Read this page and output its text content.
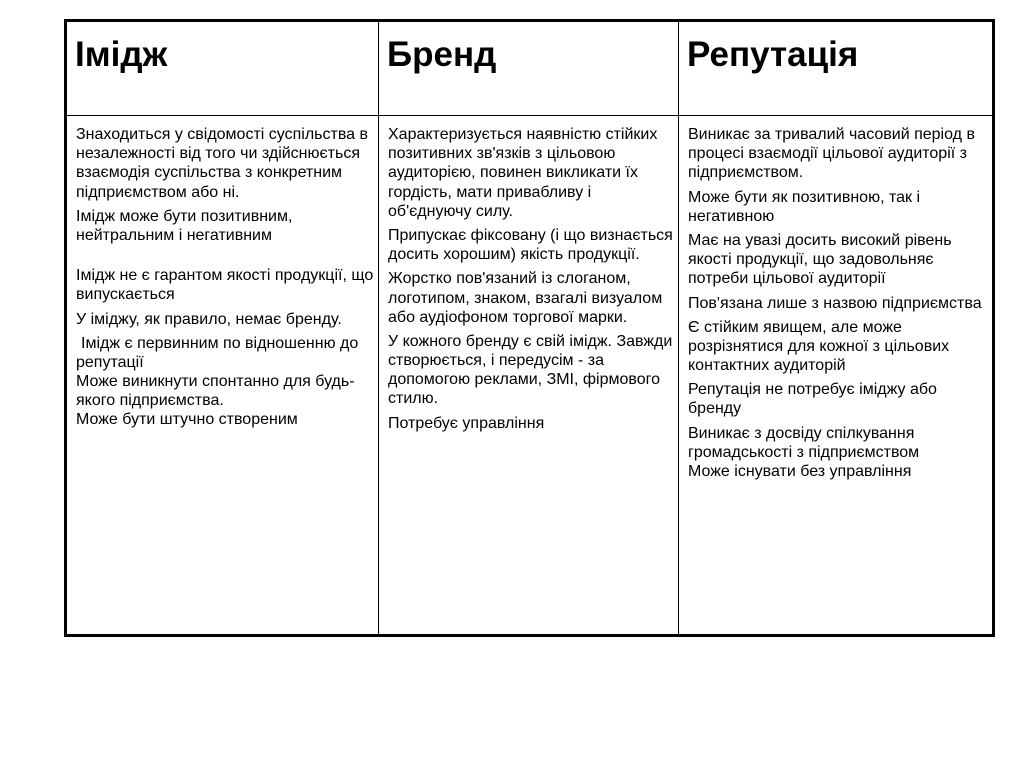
Імідж	Бренд	Репутація

Знаходиться у свідомості суспільства в незалежності від того чи здійснюється взаємодія суспільства з конкретним підприємством або ні.

Імідж може бути позитивним, нейтральним і негативним

Імідж не є гарантом якості продукції, що випускається

У іміджу, як правило, немає бренду.

Імідж є первинним по відношенню до репутації

Може виникнути спонтанно для будь-якого підприємства.

Може бути штучно створеним

Характеризується наявністю стійких позитивних зв'язків з цільовою аудиторією, повинен викликати їх гордість, мати привабливу і об'єднуючу силу.

Припускає фіксовану (і що визнається досить хорошим) якість продукції.

Жорстко пов'язаний із слоганом, логотипом, знаком, взагалі визуалом або аудіофоном торгової марки.

У кожного бренду є свій імідж. Завжди створюється, і передусім - за допомогою реклами, ЗМІ, фірмового стилю.

Потребує управління

Виникає за тривалий часовий період в процесі взаємодії цільової аудиторії з підприємством.

Може бути як позитивною, так і негативною

Має на увазі досить високий рівень якості продукції, що задовольняє потреби цільової аудиторії

Пов'язана лише з назвою підприємства

Є стійким явищем, але може розрізнятися для кожної з цільових контактних аудиторій

Репутація не потребує іміджу або бренду

Виникає з досвіду спілкування громадськості з підприємством

Може існувати без управління
